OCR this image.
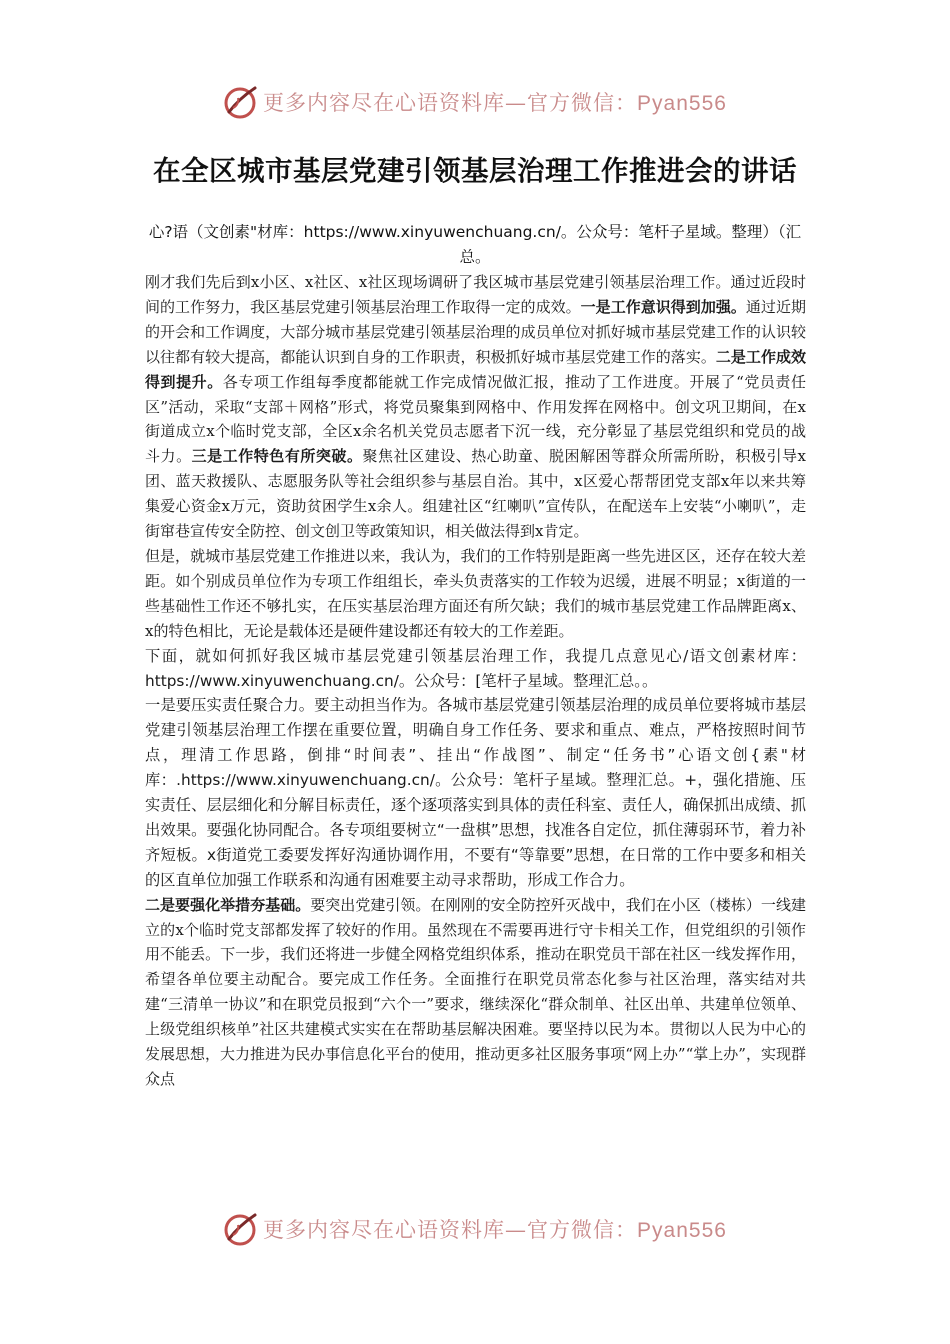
更多内容尽在心语资料库—官方微信：Pyan556
在全区城市基层党建引领基层治理工作推进会的讲话
心?语（文创素"材库：https://www.xinyuwenchuang.cn/。公众号：笔杆子星域。整理）（汇总。

刚才我们先后到x小区、x社区、x社区现场调研了我区城市基层党建引领基层治理工作。通过近段时间的工作努力，我区基层党建引领基层治理工作取得一定的成效。一是工作意识得到加强。通过近期的开会和工作调度，大部分城市基层党建引领基层治理的成员单位对抓好城市基层党建工作的认识较以往都有较大提高，都能认识到自身的工作职责，积极抓好城市基层党建工作的落实。二是工作成效得到提升。各专项工作组每季度都能就工作完成情况做汇报，推动了工作进度。开展了“党员责任区”活动，采取“支部＋网格”形式，将党员聚集到网格中、作用发挥在网格中。创文巩卫期间，在x街道成立x个临时党支部，全区x余名机关党员志愿者下沉一线，充分彰显了基层党组织和党员的战斗力。三是工作特色有所突破。聚焦社区建设、热心助童、脱困解困等群众所需所盼，积极引导x团、蓝天救援队、志愿服务队等社会组织参与基层自治。其中，x区爱心帮帮团党支部x年以来共筹集爱心资金x万元，资助贫困学生x余人。组建社区“红喇叭”宣传队，在配送车上安装“小喇叭”，走街窜巷宣传安全防控、创文创卫等政策知识，相关做法得到x肯定。

但是，就城市基层党建工作推进以来，我认为，我们的工作特别是距离一些先进区区，还存在较大差距。如个别成员单位作为专项工作组组长，牵头负责落实的工作较为迟缓，进展不明显；x街道的一些基础性工作还不够扎实，在压实基层治理方面还有所欠缺；我们的城市基层党建工作品牌距离x、x的特色相比，无论是载体还是硬件建设都还有较大的工作差距。

下面，就如何抓好我区城市基层党建引领基层治理工作，我提几点意见心/语文创素材库：https://www.xinyuwenchuang.cn/。公众号：[笔杆子星域。整理汇总。。

一是要压实责任聚合力。要主动担当作为。各城市基层党建引领基层治理的成员单位要将城市基层党建引领基层治理工作摆在重要位置，明确自身工作任务、要求和重点、难点，严格按照时间节点，理清工作思路，倒排“时间表”、挂出“作战图”、制定“任务书”心语文创{素"材库：.https://www.xinyuwenchuang.cn/。公众号：笔杆子星域。整理汇总。+，强化措施、压实责任、层层细化和分解目标责任，逐个逐项落实到具体的责任科室、责任人，确保抓出成绩、抓出效果。要强化协同配合。各专项组要树立“一盘棋”思想，找准各自定位，抓住薄弱环节，着力补齐短板。x街道党工委要发挥好沟通协调作用，不要有“等靠要”思想，在日常的工作中要多和相关的区直单位加强工作联系和沟通有困难要主动寻求帮助，形成工作合力。

二是要强化举措夯基础。要突出党建引领。在刚刚的安全防控歼灭战中，我们在小区（楼栋）一线建立的x个临时党支部都发挥了较好的作用。虽然现在不需要再进行守卡相关工作，但党组织的引领作用不能丢。下一步，我们还将进一步健全网格党组织体系，推动在职党员干部在社区一线发挥作用，希望各单位要主动配合。要完成工作任务。全面推行在职党员常态化参与社区治理，落实结对共建“三清单一协议”和在职党员报到“六个一”要求，继续深化“群众制单、社区出单、共建单位领单、上级党组织核单”社区共建模式实实在在帮助基层解决困难。要坚持以民为本。贯彻以人民为中心的发展思想，大力推进为民办事信息化平台的使用，推动更多社区服务事项“网上办”“掌上办”，实现群众点

更多内容尽在心语资料库—官方微信：Pyan556
